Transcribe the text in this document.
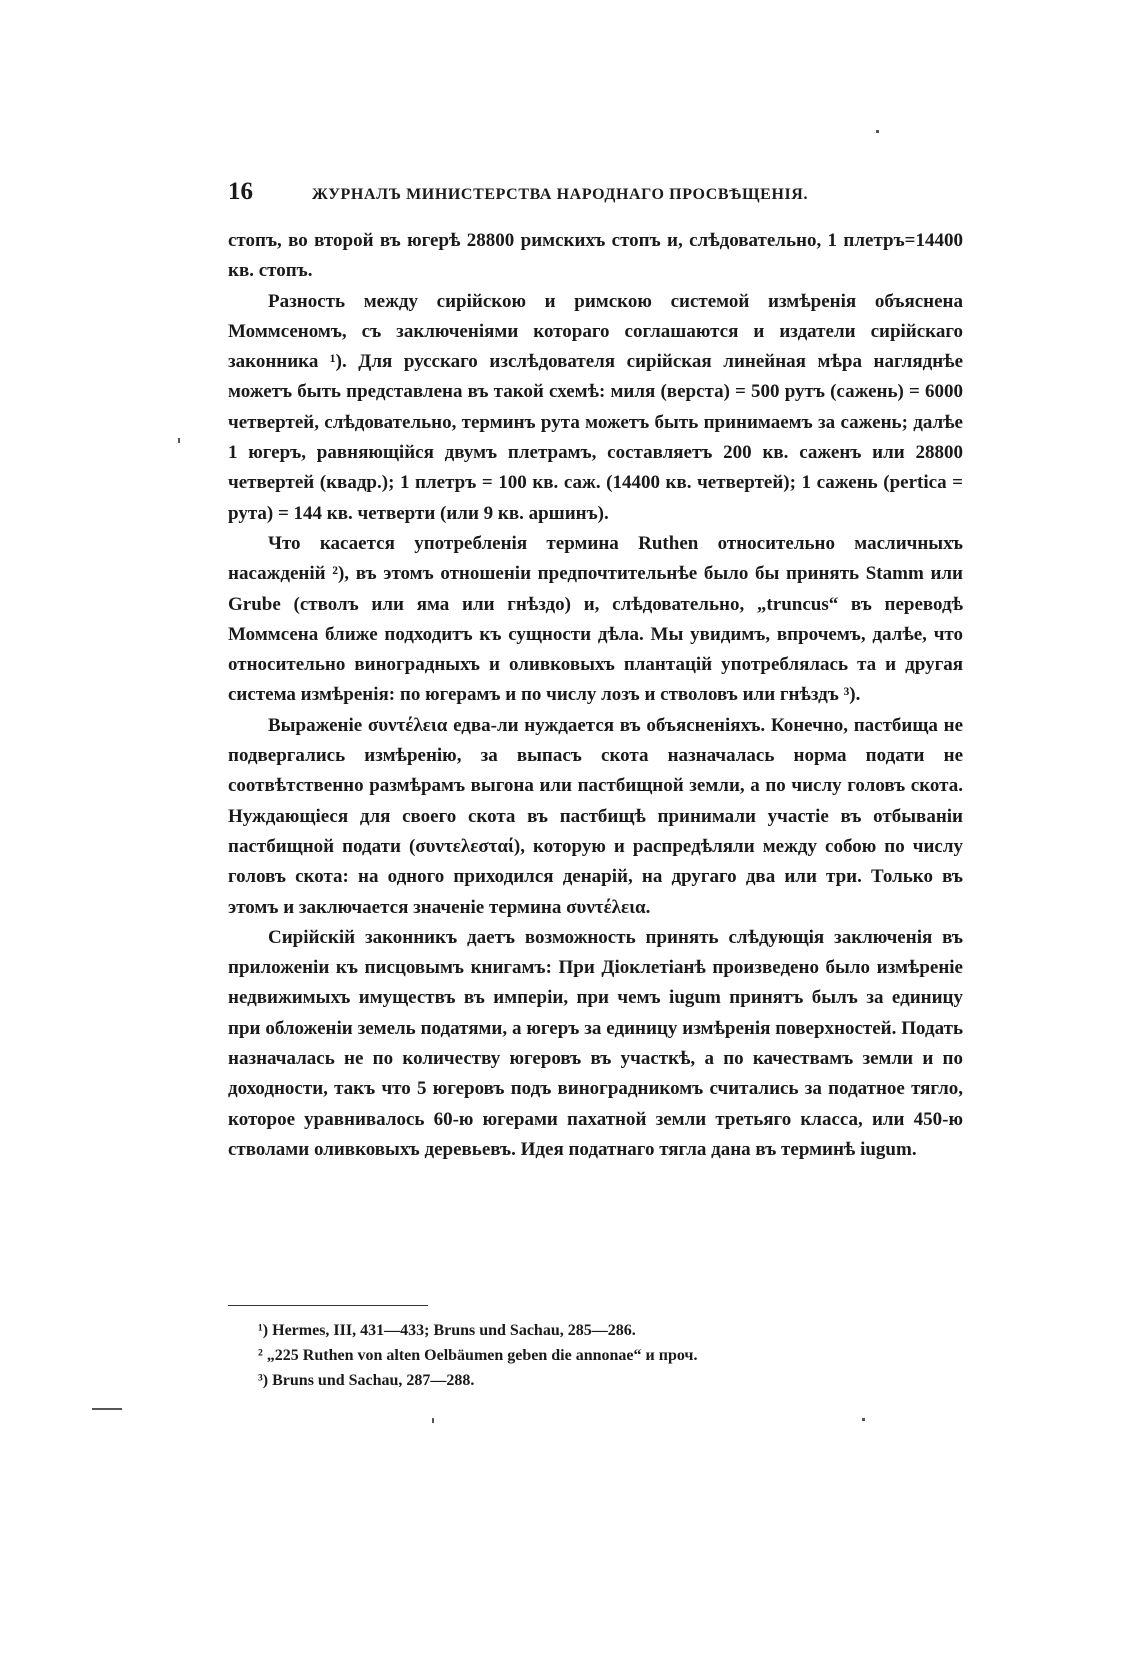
16	ЖУРНАЛЪ МИНИСТЕРСТВА НАРОДНАГО ПРОСВѢЩЕНІЯ.

стопъ, во второй въ югерѣ 28800 римскихъ стопъ и, слѣдовательно, 1 плетръ=14400 кв. стопъ.

Разность между сирійскою и римскою системой измѣренія объяснена Моммсеномъ, съ заключеніями котораго соглашаются и издатели сирійскаго законника ¹). Для русскаго изслѣдователя сирійская линейная мѣра нагляднѣе можетъ быть представлена въ такой схемѣ: миля (верста) = 500 рутъ (сажень) = 6000 четвертей, слѣдовательно, терминъ рута можетъ быть принимаемъ за сажень; далѣе 1 югеръ, равняющійся двумъ плетрамъ, составляетъ 200 кв. саженъ или 28800 четвертей (квадр.); 1 плетръ = 100 кв. саж. (14400 кв. четвертей); 1 сажень (pertica = рута) = 144 кв. четверти (или 9 кв. аршинъ).

Что касается употребленія термина Ruthen относительно масличныхъ насажденій ²), въ этомъ отношеніи предпочтительнѣе было бы принять Stamm или Grube (стволъ или яма или гнѣздо) и, слѣдовательно, „truncus“ въ переводѣ Моммсена ближе подходитъ къ сущности дѣла. Мы увидимъ, впрочемъ, далѣе, что относительно виноградныхъ и оливковыхъ плантацій употреблялась та и другая система измѣренія: по югерамъ и по числу лозъ и стволовъ или гнѣздъ ³).

Выраженіе συντέλεια едва-ли нуждается въ объясненіяхъ. Конечно, пастбища не подвергались измѣренію, за выпасъ скота назначалась норма подати не соотвѣтственно размѣрамъ выгона или пастбищной земли, а по числу головъ скота. Нуждающіеся для своего скота въ пастбищѣ принимали участіе въ отбываніи пастбищной подати (συντελεσταί), которую и распредѣляли между собою по числу головъ скота: на одного приходился денарій, на другаго два или три. Только въ этомъ и заключается значеніе термина συντέλεια.

Сирійскій законникъ даетъ возможность принять слѣдующія заключенія въ приложеніи къ писцовымъ книгамъ: При Діоклетіанѣ произведено было измѣреніе недвижимыхъ имуществъ въ имперіи, при чемъ iugum принятъ былъ за единицу при обложеніи земель податями, а югеръ за единицу измѣренія поверхностей. Подать назначалась не по количеству югеровъ въ участкѣ, а по качествамъ земли и по доходности, такъ что 5 югеровъ подъ виноградникомъ считались за податное тягло, которое уравнивалось 60-ю югерами пахатной земли третьяго класса, или 450-ю стволами оливковыхъ деревьевъ. Идея податнаго тягла дана въ терминѣ iugum.

¹) Hermes, III, 431—433; Bruns und Sachau, 285—286.
² „225 Ruthen von alten Oelbäumen geben die annonae“ и проч.
³) Bruns und Sachau, 287—288.
